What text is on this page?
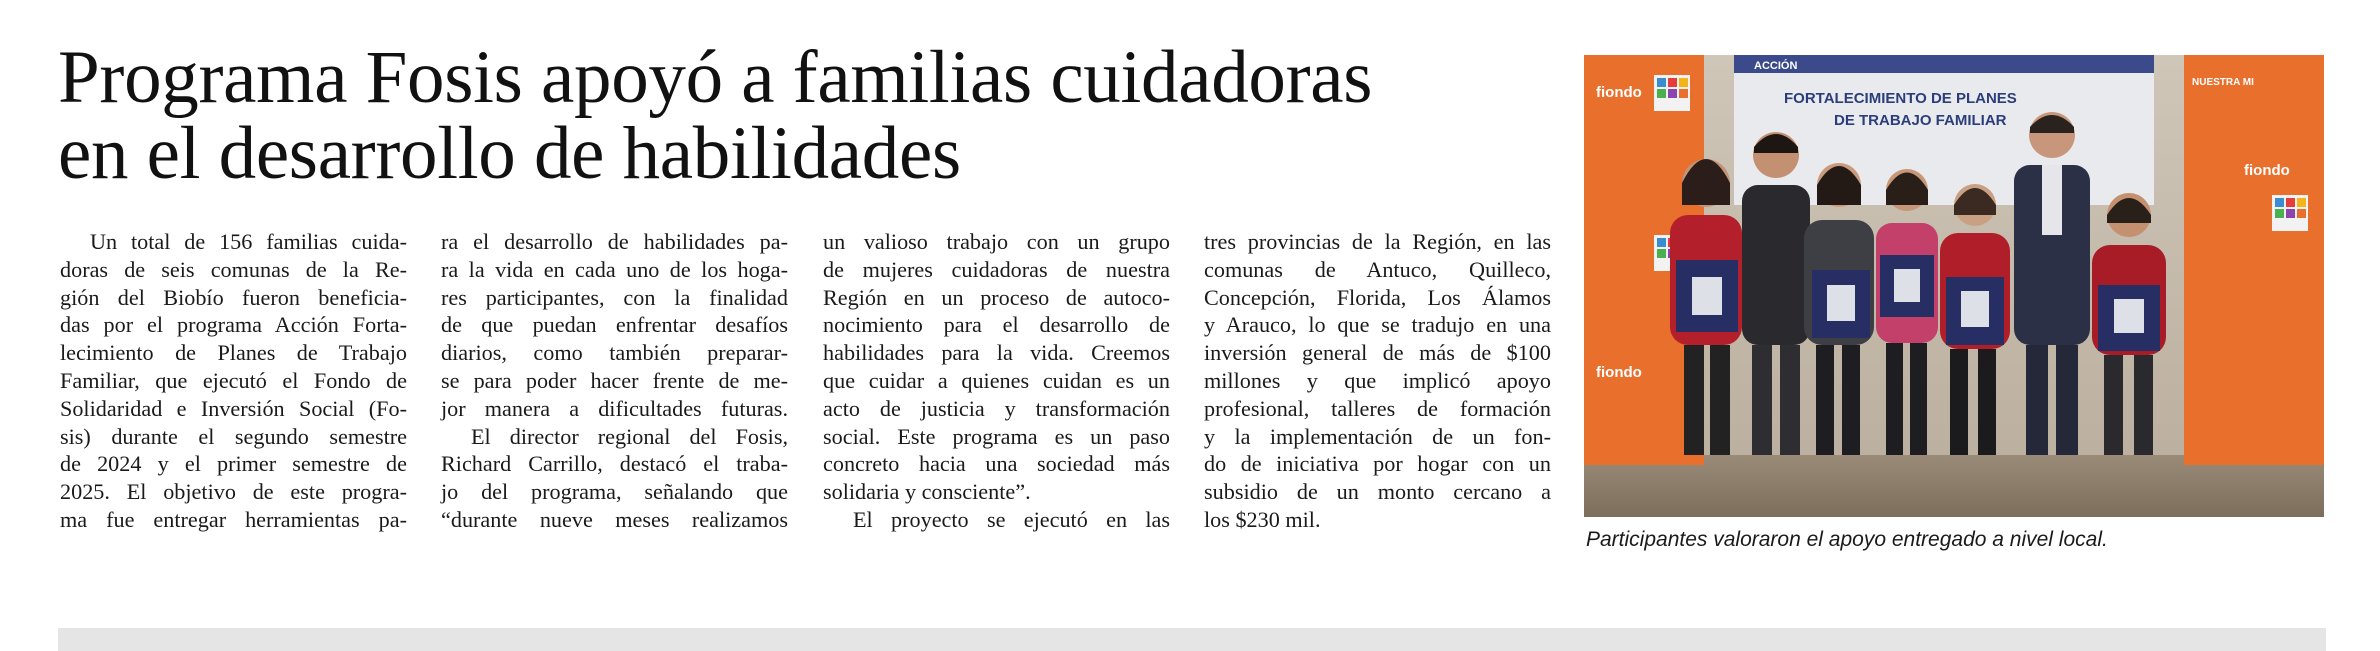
Programa Fosis apoyó a familias cuidadoras
en el desarrollo de habilidades
Un total de 156 familias cuida-
doras de seis comunas de la Re-
gión del Biobío fueron beneficia-
das por el programa Acción Forta-
lecimiento de Planes de Trabajo
Familiar, que ejecutó el Fondo de
Solidaridad e Inversión Social (Fo-
sis) durante el segundo semestre
de 2024 y el primer semestre de
2025. El objetivo de este progra-
ma fue entregar herramientas pa-
ra el desarrollo de habilidades pa-
ra la vida en cada uno de los hoga-
res participantes, con la finalidad
de que puedan enfrentar desafíos
diarios, como también preparar-
se para poder hacer frente de me-
jor manera a dificultades futuras.
El director regional del Fosis,
Richard Carrillo, destacó el traba-
jo del programa, señalando que
“durante nueve meses realizamos
un valioso trabajo con un grupo
de mujeres cuidadoras de nuestra
Región en un proceso de autoco-
nocimiento para el desarrollo de
habilidades para la vida. Creemos
que cuidar a quienes cuidan es un
acto de justicia y transformación
social. Este programa es un paso
concreto hacia una sociedad más
solidaria y consciente”.
El proyecto se ejecutó en las
tres provincias de la Región, en las
comunas de Antuco, Quilleco,
Concepción, Florida, Los Álamos
y Arauco, lo que se tradujo en una
inversión general de más de $100
millones y que implicó apoyo
profesional, talleres de formación
y la implementación de un fon-
do de iniciativa por hogar con un
subsidio de un monto cercano a
los $230 mil.
fiondo
fiondo
fiondo
NUESTRA MI
ACCIÓN
FORTALECIMIENTO DE PLANES
DE TRABAJO FAMILIAR

Participantes valoraron el apoyo entregado a nivel local.
